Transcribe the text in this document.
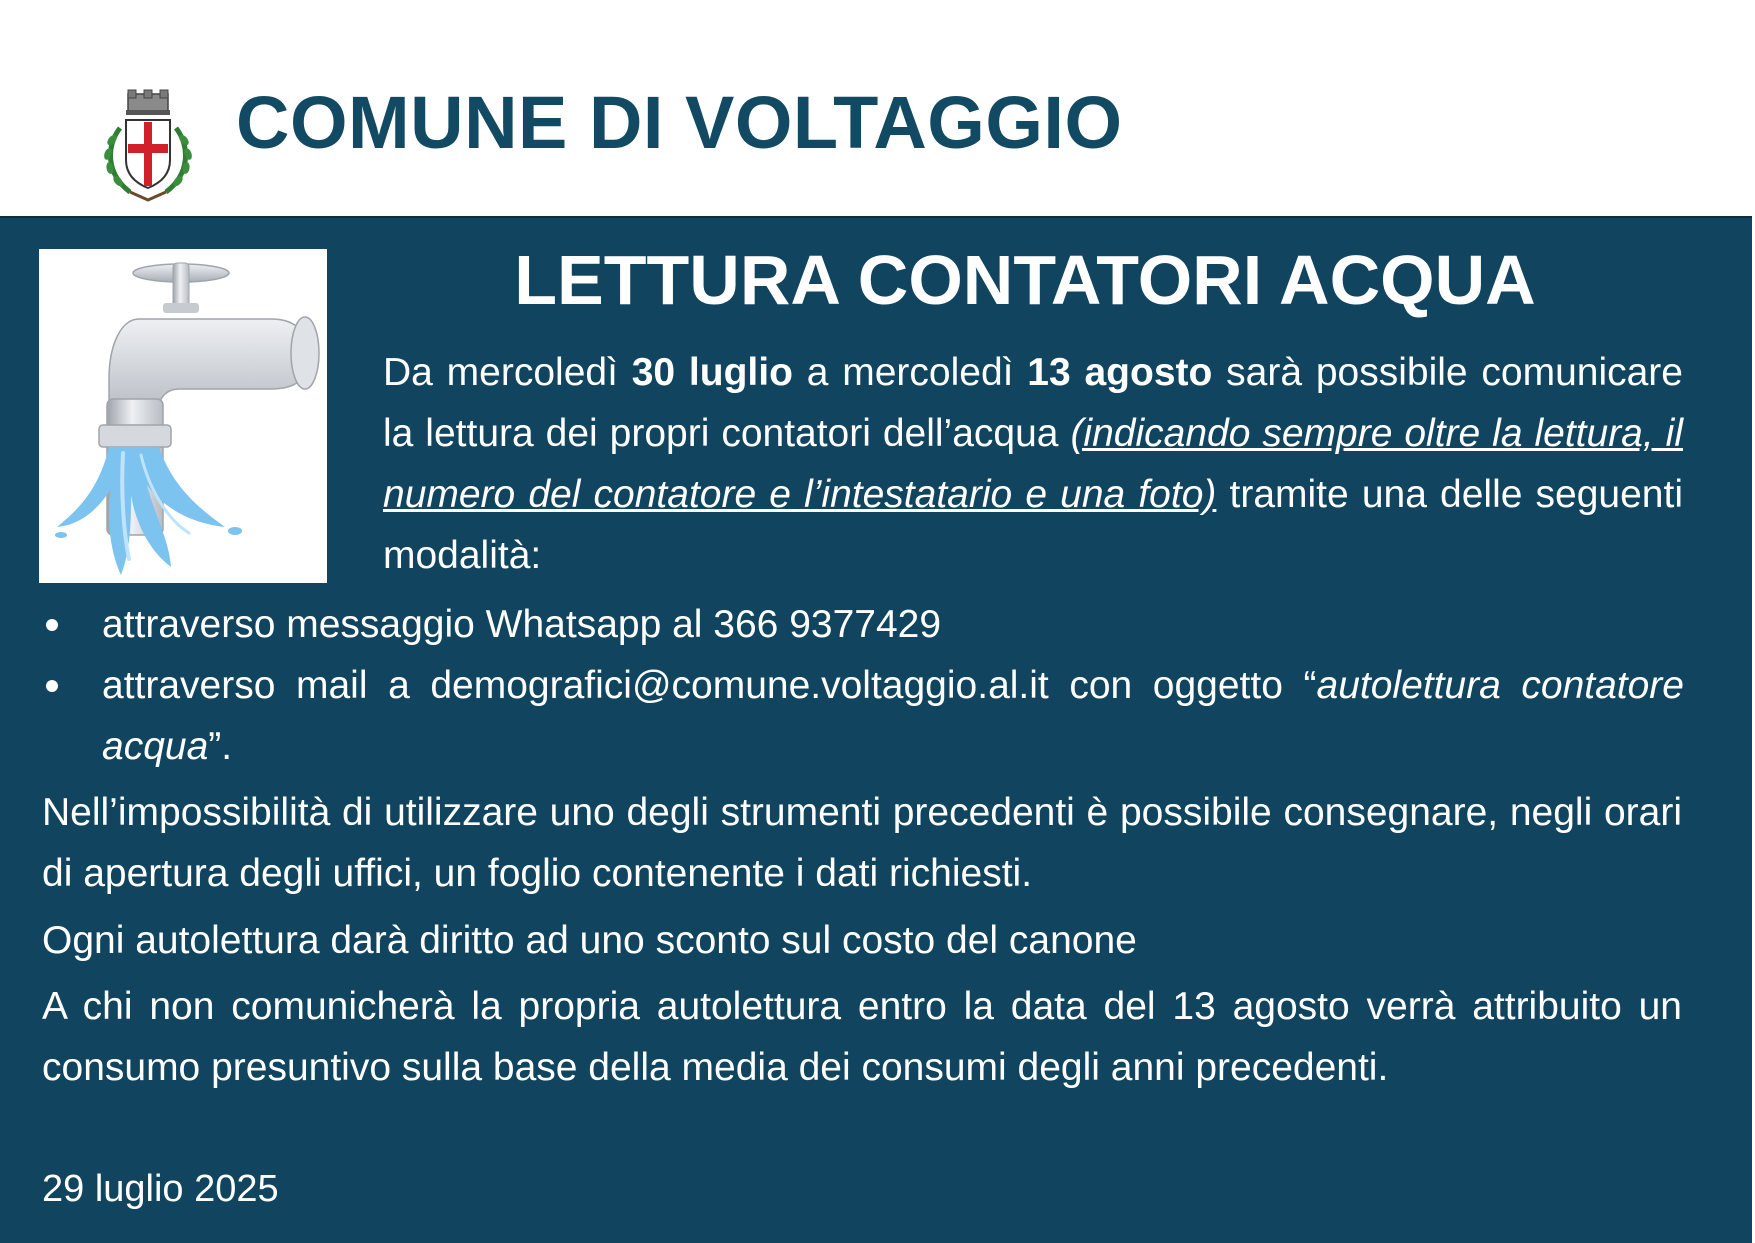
COMUNE DI VOLTAGGIO
LETTURA CONTATORI ACQUA

Da mercoledì 30 luglio a mercoledì 13 agosto sarà possibile comunicare la lettura dei propri contatori dell’acqua (indicando sempre oltre la lettura, il numero del contatore e l’intestatario e una foto) tramite una delle seguenti modalità:

attraverso messaggio Whatsapp al 366 9377429
attraverso mail a demografici@comune.voltaggio.al.it con oggetto “autolettura contatore acqua”.

Nell’impossibilità di utilizzare uno degli strumenti precedenti è possibile consegnare, negli orari di apertura degli uffici, un foglio contenente i dati richiesti.

Ogni autolettura darà diritto ad uno sconto sul costo del canone

A chi non comunicherà la propria autolettura entro la data del 13 agosto verrà attribuito un consumo presuntivo sulla base della media dei consumi degli anni precedenti.

29 luglio 2025
